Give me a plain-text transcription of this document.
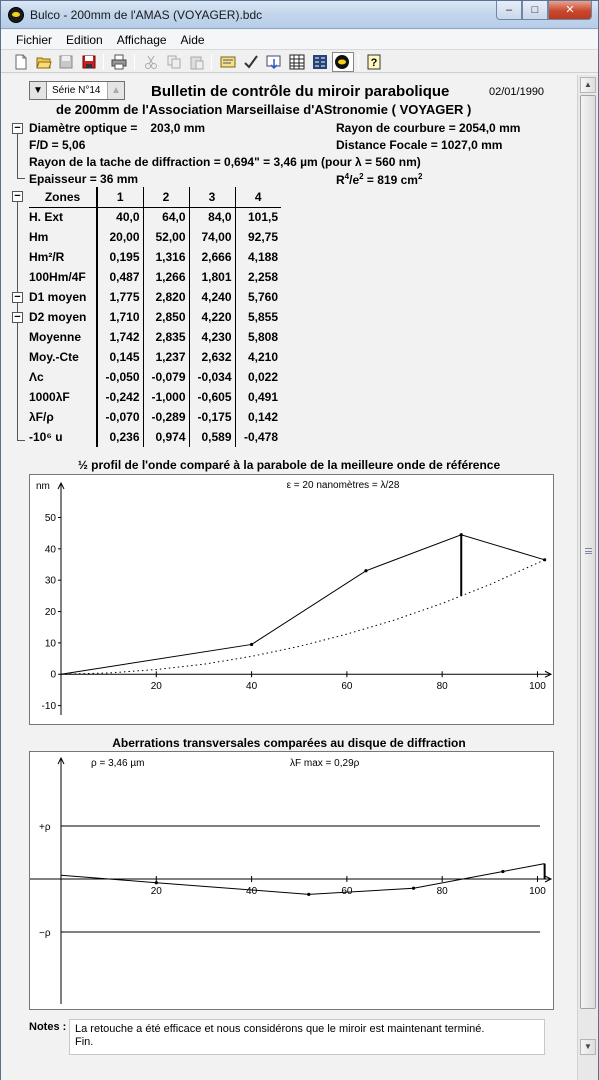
Bulco - 200mm de l'AMAS (VOYAGER).bdc	–	□	✕
Fichier	Edition	Affichage	Aide
?
▼ Série N°14	▲ Bulletin de contrôle du miroir parabolique	02/01/1990
de 200mm de l'Association Marseillaise d'AStronomie ( VOYAGER )
− Diamètre optique = 203,0 mm	Rayon de courbure = 2054,0 mm
F/D = 5,06	Distance Focale = 1027,0 mm
Rayon de la tache de diffraction = 0,694" = 3,46 µm (pour λ = 560 nm)
Epaisseur = 36 mm	$R^4/e^2 = 819$ $cm^2$
−
−
−
Zones	1	2	3	4
H. Ext	40,0	64,0	84,0	101,5
Hm	20,00	52,00	74,00	92,75
Hm²/R	0,195	1,316	2,666	4,188
100Hm/4F	0,487	1,266	1,801	2,258
D1 moyen	1,775	2,820	4,240	5,760
D2 moyen	1,710	2,850	4,220	5,855
Moyenne	1,742	2,835	4,230	5,808
Moy.-Cte	0,145	1,237	2,632	4,210
Λc	-0,050	-0,079	-0,034	0,022
1000λF	-0,242	-1,000	-0,605	0,491
λF/ρ	-0,070	-0,289	-0,175	0,142
-10⁶ u	0,236	0,974	0,589	-0,478
½ profil de l'onde comparé à la parabole de la meilleure onde de référence
-10
0
10
20
30
40
50
20	40	60	80	100
nm	ε = 20 nanomètres = λ/28
Aberrations transversales comparées au disque de diffraction
+ρ
−ρ
20	40	60	80	100
ρ = 3,46 µm	λF max = 0,29ρ
Notes : La retouche a été efficace et nous considérons que le miroir est maintenant terminé.
Fin.
▲
▼
